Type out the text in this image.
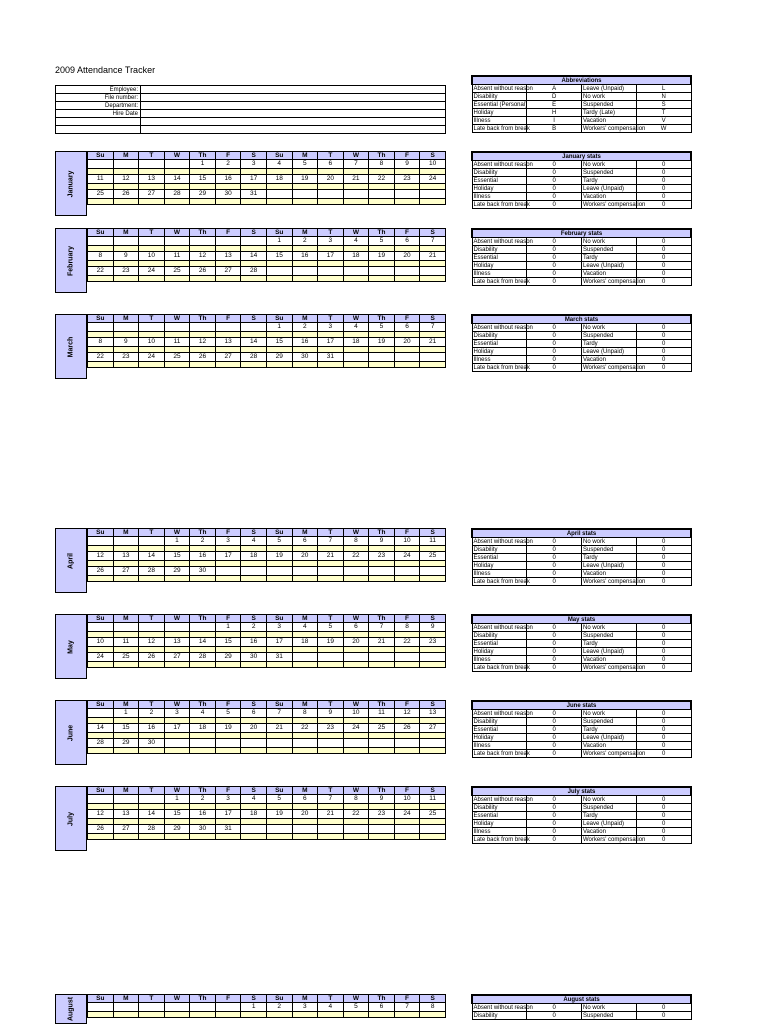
2009 Attendance Tracker
Employee:	
File number:	
Department:	
Hire Date	

Abbreviations			
Absent without reason	A	Leave (Unpaid)	L
Disability	D	No work	N
Essential (Personal)	E	Suspended	S
Holiday	H	Tardy (Late)	T
Illness	I	Vacation	V
Late back from break	B	Workers' compensation	W
January
Su	M	T	W	Th	F	S	Su	M	T	W	Th	F	S
				1	2	3	4	5	6	7	8	9	10

11	12	13	14	15	16	17	18	19	20	21	22	23	24

25	26	27	28	29	30	31							

January stats			
Absent without reason	0	No work	0
Disability	0	Suspended	0
Essential	0	Tardy	0
Holiday	0	Leave (Unpaid)	0
Illness	0	Vacation	0
Late back from break	0	Workers' compensation	0
February
Su	M	T	W	Th	F	S	Su	M	T	W	Th	F	S
							1	2	3	4	5	6	7

8	9	10	11	12	13	14	15	16	17	18	19	20	21

22	23	24	25	26	27	28							

February stats			
Absent without reason	0	No work	0
Disability	0	Suspended	0
Essential	0	Tardy	0
Holiday	0	Leave (Unpaid)	0
Illness	0	Vacation	0
Late back from break	0	Workers' compensation	0
March
Su	M	T	W	Th	F	S	Su	M	T	W	Th	F	S
							1	2	3	4	5	6	7

8	9	10	11	12	13	14	15	16	17	18	19	20	21

22	23	24	25	26	27	28	29	30	31				

March stats			
Absent without reason	0	No work	0
Disability	0	Suspended	0
Essential	0	Tardy	0
Holiday	0	Leave (Unpaid)	0
Illness	0	Vacation	0
Late back from break	0	Workers' compensation	0
April
Su	M	T	W	Th	F	S	Su	M	T	W	Th	F	S
			1	2	3	4	5	6	7	8	9	10	11

12	13	14	15	16	17	18	19	20	21	22	23	24	25

26	27	28	29	30									

April stats			
Absent without reason	0	No work	0
Disability	0	Suspended	0
Essential	0	Tardy	0
Holiday	0	Leave (Unpaid)	0
Illness	0	Vacation	0
Late back from break	0	Workers' compensation	0
May
Su	M	T	W	Th	F	S	Su	M	T	W	Th	F	S
					1	2	3	4	5	6	7	8	9

10	11	12	13	14	15	16	17	18	19	20	21	22	23

24	25	26	27	28	29	30	31						

May stats			
Absent without reason	0	No work	0
Disability	0	Suspended	0
Essential	0	Tardy	0
Holiday	0	Leave (Unpaid)	0
Illness	0	Vacation	0
Late back from break	0	Workers' compensation	0
June
Su	M	T	W	Th	F	S	Su	M	T	W	Th	F	S
	1	2	3	4	5	6	7	8	9	10	11	12	13

14	15	16	17	18	19	20	21	22	23	24	25	26	27

28	29	30											

June stats			
Absent without reason	0	No work	0
Disability	0	Suspended	0
Essential	0	Tardy	0
Holiday	0	Leave (Unpaid)	0
Illness	0	Vacation	0
Late back from break	0	Workers' compensation	0
July
Su	M	T	W	Th	F	S	Su	M	T	W	Th	F	S
			1	2	3	4	5	6	7	8	9	10	11

12	13	14	15	16	17	18	19	20	21	22	23	24	25

26	27	28	29	30	31								

July stats			
Absent without reason	0	No work	0
Disability	0	Suspended	0
Essential	0	Tardy	0
Holiday	0	Leave (Unpaid)	0
Illness	0	Vacation	0
Late back from break	0	Workers' compensation	0
August	Su	M	T	W	Th	F	S	Su	M	T	W	Th	F	S
						1	2	3	4	5	6	7	8

August stats			
Absent without reason	0	No work	0
Disability	0	Suspended	0
